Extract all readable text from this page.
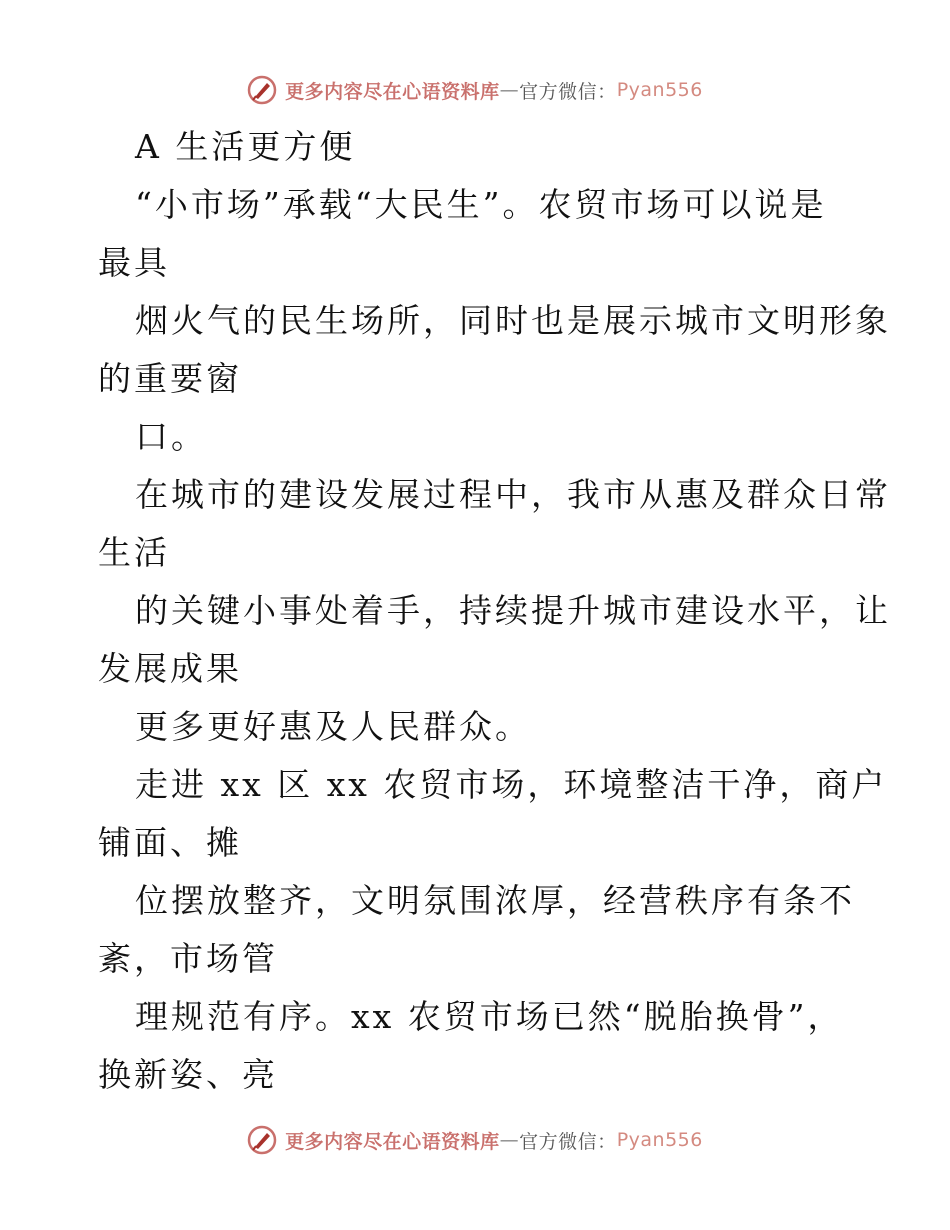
更多内容尽在心语资料库 — 官方微信： Pyan556

A 生活更方便

“小市场”承载“大民生”。农贸市场可以说是

最具

烟火气的民生场所，同时也是展示城市文明形象

的重要窗

口。

在城市的建设发展过程中，我市从惠及群众日常

生活

的关键小事处着手，持续提升城市建设水平，让

发展成果

更多更好惠及人民群众。

走进 xx 区 xx 农贸市场，环境整洁干净，商户

铺面、摊

位摆放整齐，文明氛围浓厚，经营秩序有条不

紊，市场管

理规范有序。xx 农贸市场已然“脱胎换骨”，

换新姿、亮

更多内容尽在心语资料库 — 官方微信： Pyan556
